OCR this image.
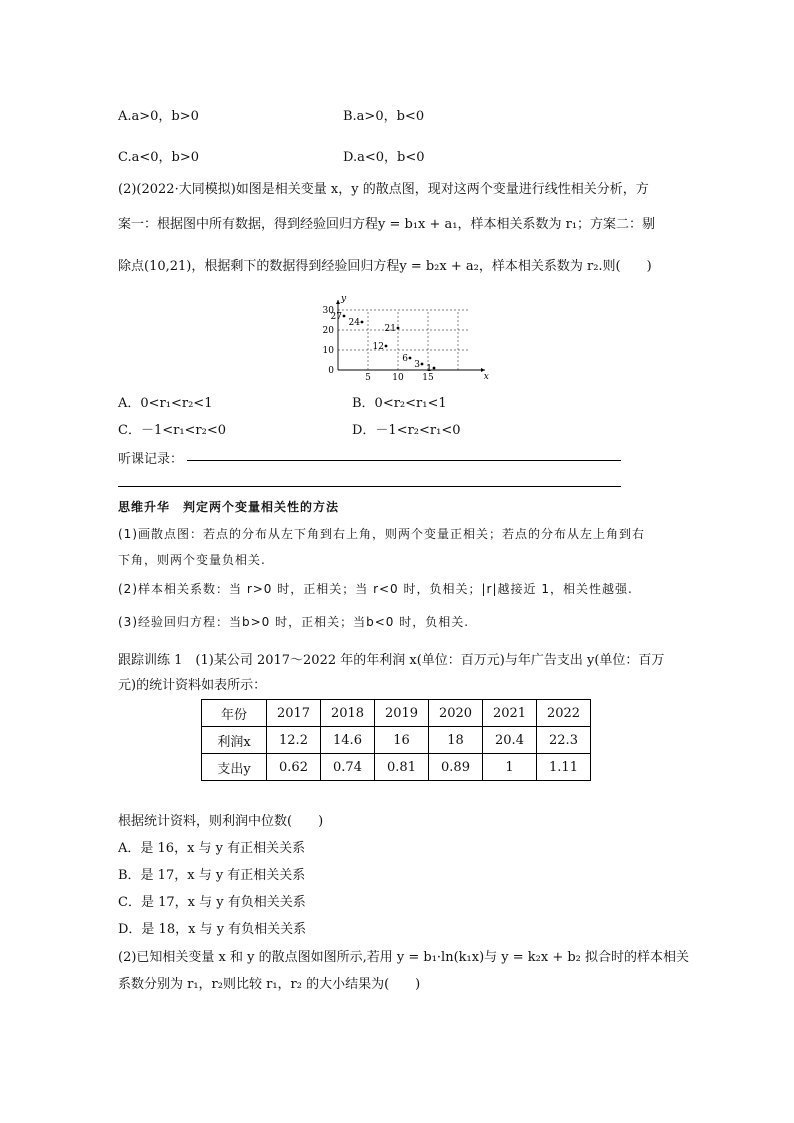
A.a>0，b>0	B.a>0，b<0
C.a<0，b>0	D.a<0，b<0
(2)(2022·大同模拟)如图是相关变量 x，y 的散点图，现对这两个变量进行线性相关分析，方
案一：根据图中所有数据，得到经验回归方程y = b₁x + a₁，样本相关系数为 r₁；方案二：剔
除点(10,21)，根据剩下的数据得到经验回归方程y = b₂x + a₂，样本相关系数为 r₂.则(　　)
x
y
5 10 15
0
10
20
30
27
24
21
12
6
3 1
A．0<r₁<r₂<1	B．0<r₂<r₁<1
C．－1<r₁<r₂<0	D．－1<r₂<r₁<0
听课记录：
思维升华　判定两个变量相关性的方法
(1)画散点图：若点的分布从左下角到右上角，则两个变量正相关；若点的分布从左上角到右
下角，则两个变量负相关.
(2)样本相关系数：当 r>0 时，正相关；当 r<0 时，负相关；|r|越接近 1，相关性越强.
(3)经验回归方程：当b>0 时，正相关；当b<0 时，负相关.
跟踪训练 1　(1)某公司 2017～2022 年的年利润 x(单位：百万元)与年广告支出 y(单位：百万
元)的统计资料如表所示：
年份	2017	2018	2019	2020	2021	2022
利润x	12.2	14.6	16	18	20.4	22.3
支出y	0.62	0.74	0.81	0.89	1	1.11
根据统计资料，则利润中位数(　　)
A．是 16，x 与 y 有正相关关系
B．是 17，x 与 y 有正相关关系
C．是 17，x 与 y 有负相关关系
D．是 18，x 与 y 有负相关关系
(2)已知相关变量 x 和 y 的散点图如图所示,若用 y = b₁·ln(k₁x)与 y = k₂x + b₂ 拟合时的样本相关
系数分别为 r₁，r₂则比较 r₁，r₂ 的大小结果为(　　)
